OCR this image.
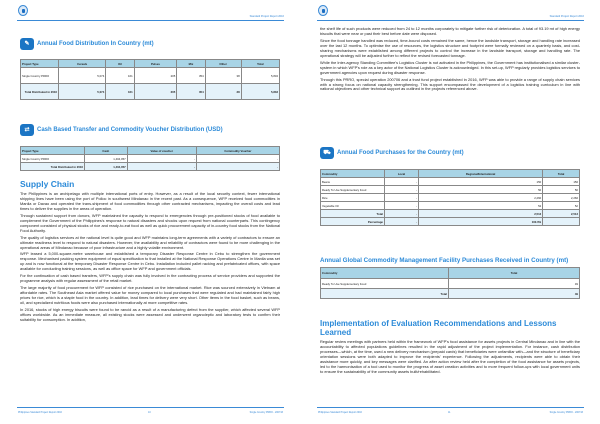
Standard Project Report 2016
✎	Annual Food Distribution In Country (mt)
Project Type	Cereals	Oil	Pulses	Mix	Other	Total
Single Country PRRO	5,074	161	205	354	38	5,832
Total Distributed in 2016	5,074	161	205	354	38	5,832
⇄	Cash Based Transfer and Commodity Voucher Distribution (USD)
Project Type	Cash	Value of voucher	Commodity Voucher
Single Country PRRO	1,404,057	-	-
Total Distributed in 2016	1,404,057	-	-
Supply Chain

The Philippines is an archipelago with multiple international ports of entry. However, as a result of the local security context, fewer international shipping lines have been using the port of Polloc in southwest Mindanao in the recent past. As a consequence, WFP received food commodities in Manila or Davao and operated the trans-shipment of food commodities through other contracted mechanisms, impacting the overall costs and lead times to deliver the supplies in the areas of operation.

Through sustained support from donors, WFP maintained the capacity to respond to emergencies through pre-positioned stocks of food available to complement the Government of the Philippines's response to natural disasters and shocks upon request from national counterparts. This contingency component consisted of physical stocks of rice and ready-to-eat food as well as quick procurement capacity of in-country food stocks from the National Food Authority.

The quality of logistics services at the national level is quite good and WFP maintains long-term agreements with a variety of contractors to ensure an ultimate readiness level to respond to natural disasters. However, the availability and reliability of contractors were found to be more challenging in the operational areas of Mindanao because of poor infrastructure and a highly volatile environment.

WFP leased a 5,000-square-metre warehouse and established a temporary Disaster Response Centre in Cebu to strengthen the government response. Mechanised packing system equipment of equal specification to that installed at the National Response Operations Centre in Manila was set up and is now functional at the temporary Disaster Response Centre in Cebu. Installation included pallet racking and prefabricated offices, with space available for conducting training sessions, as well as office space for WFP and government officials.

For the continuation of cash based transfers, WFP's supply chain was fully involved in the contracting process of service providers and supported the programme analysis with regular assessment of the retail market.

The large majority of food procurement for WFP consisted of rice purchased on the international market. Rice was sourced extensively in Vietnam at affordable rates. The Southeast Asia market offered value for money compared to local purchases that were regulated and had maintained fairly high prices for rice, which is a staple food in the country. In addition, lead times for delivery were very short. Other items in the food basket, such as beans, oil, and specialized nutritious foods were also purchased internationally at more competitive rates.

In 2016, stocks of high energy biscuits were found to be rancid as a result of a manufacturing defect from the supplier, which affected several WFP offices worldwide. As an immediate measure, all existing stocks were assessed and underwent organoleptic and laboratory tests to confirm their suitability for consumption. In addition,

Philippines Standard Project Report 2016	10	Single Country PRRO - 200743
Standard Project Report 2016

the shelf life of such products were reduced from 24 to 12 months corporately to mitigate further risk of deterioration. A total of 93.19 mt of high energy biscuits that were near or past their best before date were disposed.

Since the food tonnage handled was reduced, time-bound costs remained the same, hence the landside transport, storage and handling rate increased over the last 12 months. To optimise the use of resources, the logistics structure and footprint were formally reviewed on a quarterly basis, and cost-sharing mechanisms were established among different projects to control the increase in the landside transport, storage and handling rate. The operational strategy will be adjusted further to reflect the revised forecasted tonnage.

While the Inter-agency Standing Committee's Logistics Cluster is not activated in the Philippines, the Government has institutionalised a similar cluster-system in which WFP's role as a key actor of the National Logistics Cluster is acknowledged. In this set-up, WFP regularly provides logistics services to government agencies upon request during disaster response.

Through this PRRO, special operation 200706 and a trust fund project established in 2016, WFP was able to provide a range of supply chain services with a strong focus on national capacity strengthening. This support encompassed the development of a logistics training curriculum in line with national objectives and other technical support as outlined in the projects referenced above.

⛟	Annual Food Purchases for the Country (mt)
Commodity	Local	Regional/International	Total
Beans	-	150	150
Ready To Use Supplementary Food	-	50	50
Rice	-	2,260	2,260
Vegetable Oil	-	52	52
Total	-	2,512	2,512
Percentage	-	100.0%	
Annual Global Commodity Management Facility Purchases Received in Country (mt)
Commodity	Total
Ready To Use Supplementary Food	49
Total	49
Implementation of Evaluation Recommendations and Lessons Learned

Regular review meetings with partners held within the framework of WFP's food assistance for assets projects in Central Mindanao and in line with the accountability to affected populations guidelines resulted in the rapid adjustment of the project implementation. For instance, cash distribution processes—which, at the time, used a new delivery mechanism (prepaid cards) that beneficiaries were unfamiliar with—and the structure of beneficiary orientation sessions were both adapted to improve the recipients' experience. Following the adjustments, recipients were able to obtain their assistance more quickly, and key messages were clarified. An after action review held after the completion of the food assistance for assets projects, led to the harmonisation of a tool used to monitor the progress of asset creation activities and to more frequent follow-ups with local government units to ensure the sustainability of the community assets built/rehabilitated.

Philippines Standard Project Report 2016	11	Single Country PRRO - 200743
